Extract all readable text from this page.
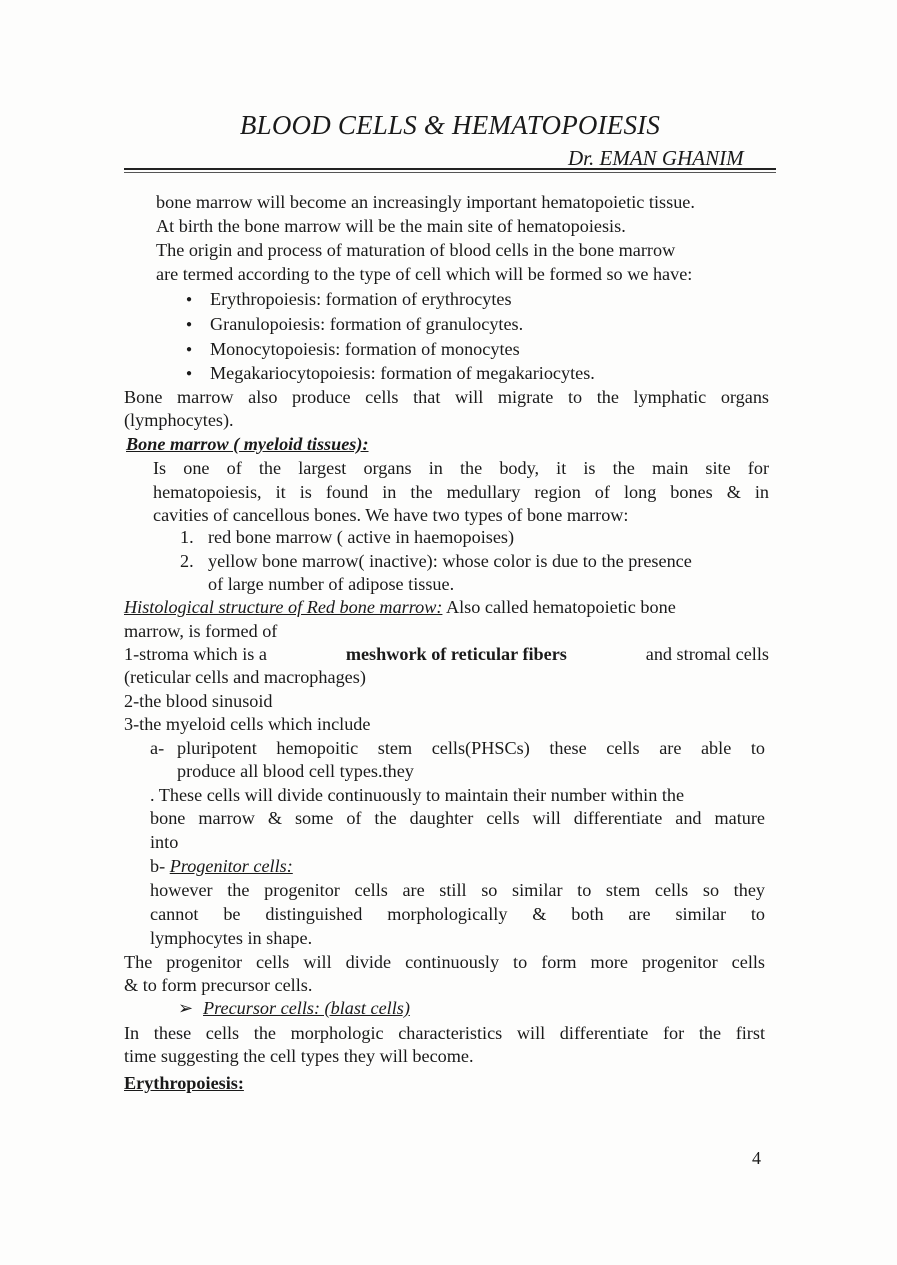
BLOOD CELLS & HEMATOPOIESIS
Dr. EMAN GHANIM
bone marrow will become an increasingly important hematopoietic tissue.
At birth the bone marrow will be the main site of hematopoiesis.
The origin and process of maturation of blood cells in the bone marrow
are termed according to the type of cell which will be formed so we have:
● Erythropoiesis: formation of erythrocytes
● Granulopoiesis: formation of granulocytes.
● Monocytopoiesis: formation of monocytes
● Megakariocytopoiesis: formation of megakariocytes.
Bone marrow also produce cells that will migrate to the lymphatic organs
(lymphocytes).
Bone marrow ( myeloid tissues):
Is one of the largest organs in the body, it is the main site for
hematopoiesis, it is found in the medullary region of long bones & in
cavities of cancellous bones. We have two types of bone marrow:
1. red bone marrow ( active in haemopoises)
2. yellow bone marrow( inactive): whose color is due to the presence
of large number of adipose tissue.
Histological structure of Red bone marrow: Also called hematopoietic bone
marrow, is formed of
1-stroma which is a	meshwork of reticular fibers	and stromal cells
(reticular cells and macrophages)
2-the blood sinusoid
3-the myeloid cells which include
a- pluripotent hemopoitic stem cells(PHSCs) these cells are able to
produce all blood cell types.they
. These cells will divide continuously to maintain their number within the
bone marrow & some of the daughter cells will differentiate and mature
into
b- Progenitor cells:
however the progenitor cells are still so similar to stem cells so they
cannot be distinguished morphologically & both are similar to
lymphocytes in shape.
The progenitor cells will divide continuously to form more progenitor cells
& to form precursor cells.
➢ Precursor cells: (blast cells)
In these cells the morphologic characteristics will differentiate for the first
time suggesting the cell types they will become.
Erythropoiesis:
4
